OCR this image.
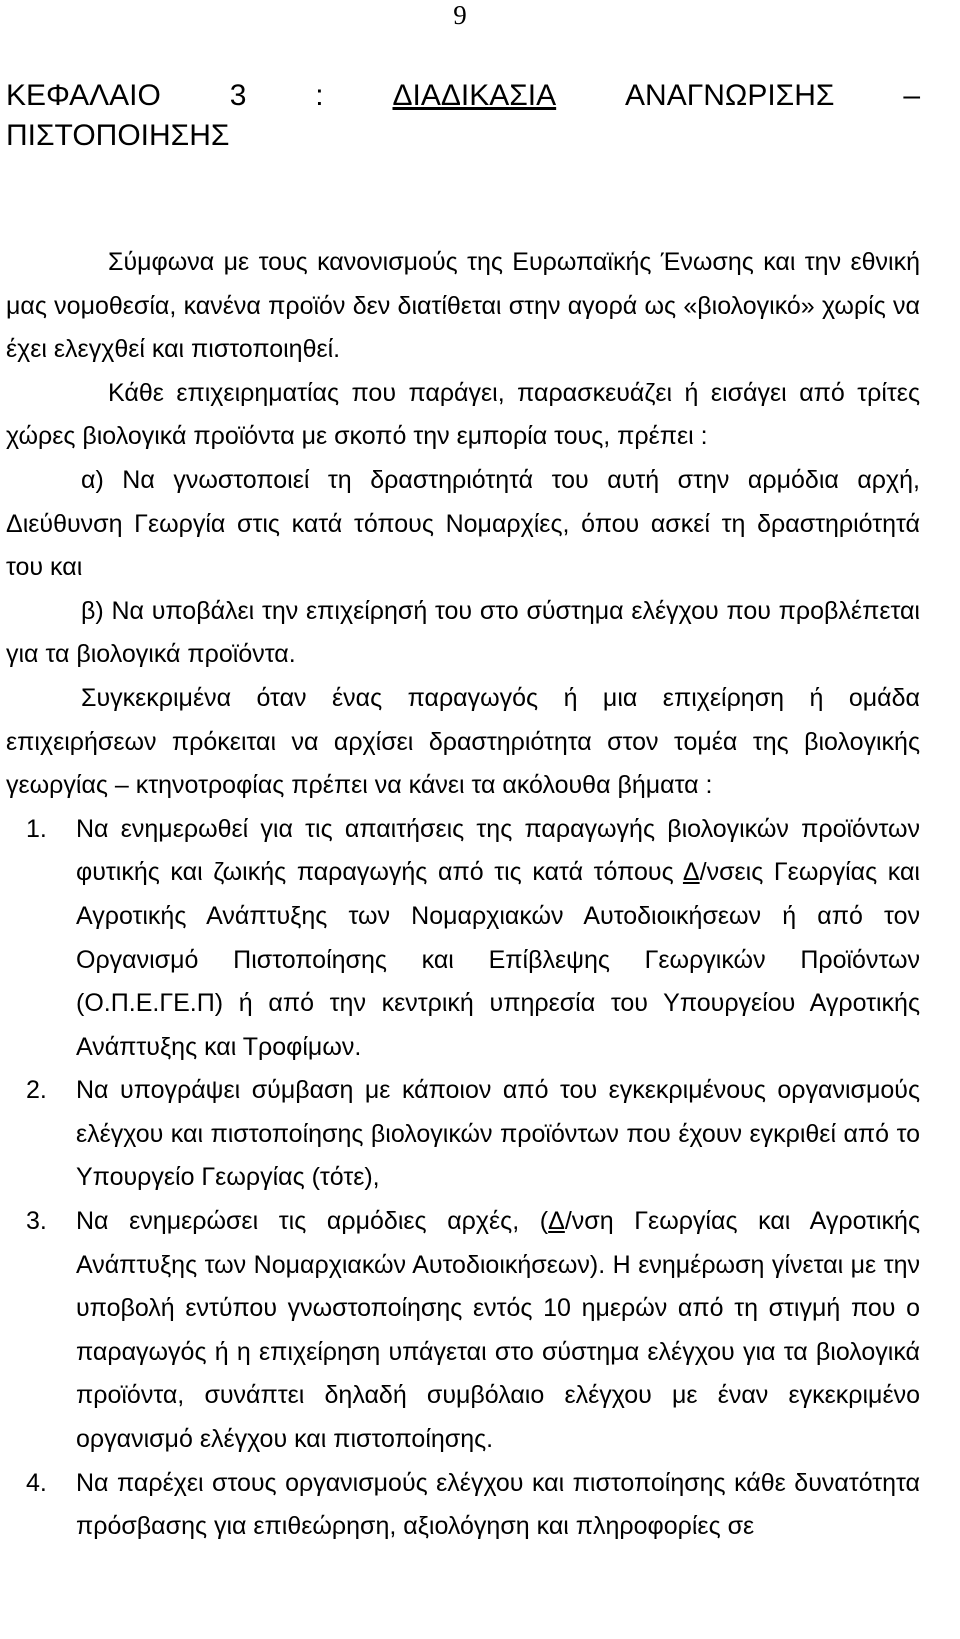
9
ΚΕΦΑΛΑΙΟ 3 : ΔΙΑΔΙΚΑΣΙΑ ΑΝΑΓΝΩΡΙΣΗΣ –
ΠΙΣΤΟΠΟΙΗΣΗΣ

Σύμφωνα με τους κανονισμούς της Ευρωπαϊκής Ένωσης και την εθνική μας νομοθεσία, κανένα προϊόν δεν διατίθεται στην αγορά ως «βιολογικό» χωρίς να έχει ελεγχθεί και πιστοποιηθεί.

Κάθε επιχειρηματίας που παράγει, παρασκευάζει ή εισάγει από τρίτες χώρες βιολογικά προϊόντα με σκοπό την εμπορία τους, πρέπει :

α) Να γνωστοποιεί τη δραστηριότητά του αυτή στην αρμόδια αρχή, Διεύθυνση Γεωργία στις κατά τόπους Νομαρχίες, όπου ασκεί τη δραστηριότητά του και

β) Να υποβάλει την επιχείρησή του στο σύστημα ελέγχου που προβλέπεται για τα βιολογικά προϊόντα.

Συγκεκριμένα όταν ένας παραγωγός ή μια επιχείρηση ή ομάδα επιχειρήσεων πρόκειται να αρχίσει δραστηριότητα στον τομέα της βιολογικής γεωργίας – κτηνοτροφίας πρέπει να κάνει τα ακόλουθα βήματα :

1. Να ενημερωθεί για τις απαιτήσεις της παραγωγής βιολογικών προϊόντων φυτικής και ζωικής παραγωγής από τις κατά τόπους Δ/νσεις Γεωργίας και Αγροτικής Ανάπτυξης των Νομαρχιακών Αυτοδιοικήσεων ή από τον Οργανισμό Πιστοποίησης και Επίβλεψης Γεωργικών Προϊόντων (Ο.Π.Ε.ΓΕ.Π) ή από την κεντρική υπηρεσία του Υπουργείου Αγροτικής Ανάπτυξης και Τροφίμων.
2. Να υπογράψει σύμβαση με κάποιον από του εγκεκριμένους οργανισμούς ελέγχου και πιστοποίησης βιολογικών προϊόντων που έχουν εγκριθεί από το Υπουργείο Γεωργίας (τότε),
3. Να ενημερώσει τις αρμόδιες αρχές, (Δ/νση Γεωργίας και Αγροτικής Ανάπτυξης των Νομαρχιακών Αυτοδιοικήσεων). Η ενημέρωση γίνεται με την υποβολή εντύπου γνωστοποίησης εντός 10 ημερών από τη στιγμή που ο παραγωγός ή η επιχείρηση υπάγεται στο σύστημα ελέγχου για τα βιολογικά προϊόντα, συνάπτει δηλαδή συμβόλαιο ελέγχου με έναν εγκεκριμένο οργανισμό ελέγχου και πιστοποίησης.
4. Να παρέχει στους οργανισμούς ελέγχου και πιστοποίησης κάθε δυνατότητα πρόσβασης για επιθεώρηση, αξιολόγηση και πληροφορίες σε
